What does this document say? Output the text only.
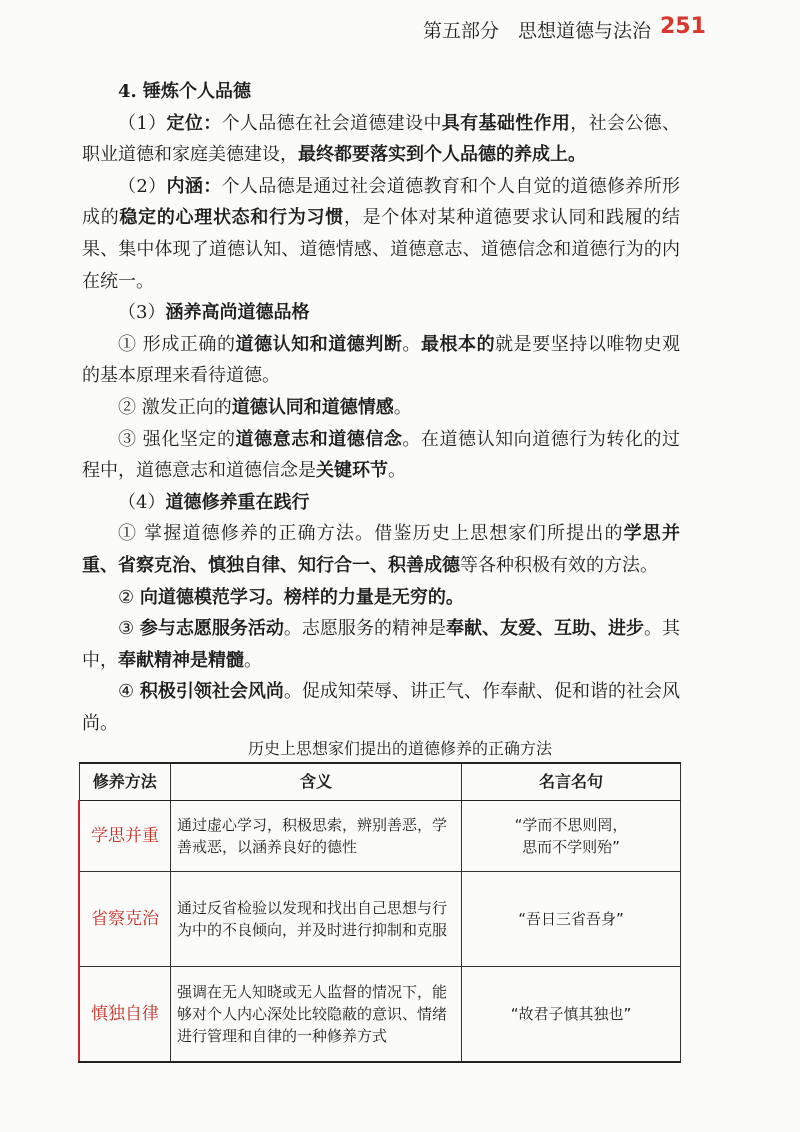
第五部分　思想道德与法治 251

4. 锤炼个人品德

（1）定位：个人品德在社会道德建设中具有基础性作用，社会公德、职业道德和家庭美德建设，最终都要落实到个人品德的养成上。

（2）内涵：个人品德是通过社会道德教育和个人自觉的道德修养所形成的稳定的心理状态和行为习惯，是个体对某种道德要求认同和践履的结果、集中体现了道德认知、道德情感、道德意志、道德信念和道德行为的内在统一。

（3）涵养高尚道德品格

① 形成正确的道德认知和道德判断。最根本的就是要坚持以唯物史观的基本原理来看待道德。

② 激发正向的道德认同和道德情感。

③ 强化坚定的道德意志和道德信念。在道德认知向道德行为转化的过程中，道德意志和道德信念是关键环节。

（4）道德修养重在践行

① 掌握道德修养的正确方法。借鉴历史上思想家们所提出的学思并重、省察克治、慎独自律、知行合一、积善成德等各种积极有效的方法。

② 向道德模范学习。榜样的力量是无穷的。

③ 参与志愿服务活动。志愿服务的精神是奉献、友爱、互助、进步。其中，奉献精神是精髓。

④ 积极引领社会风尚。促成知荣辱、讲正气、作奉献、促和谐的社会风尚。

历史上思想家们提出的道德修养的正确方法
修养方法	含义	名言名句
学思并重	通过虚心学习，积极思索，辨别善恶，学善戒恶，以涵养良好的德性	“学而不思则罔，
思而不学则殆”

省察克治	通过反省检验以发现和找出自己思想与行为中的不良倾向，并及时进行抑制和克服	“吾日三省吾身”

慎独自律	强调在无人知晓或无人监督的情况下，能够对个人内心深处比较隐蔽的意识、情绪进行管理和自律的一种修养方式	“故君子慎其独也”
